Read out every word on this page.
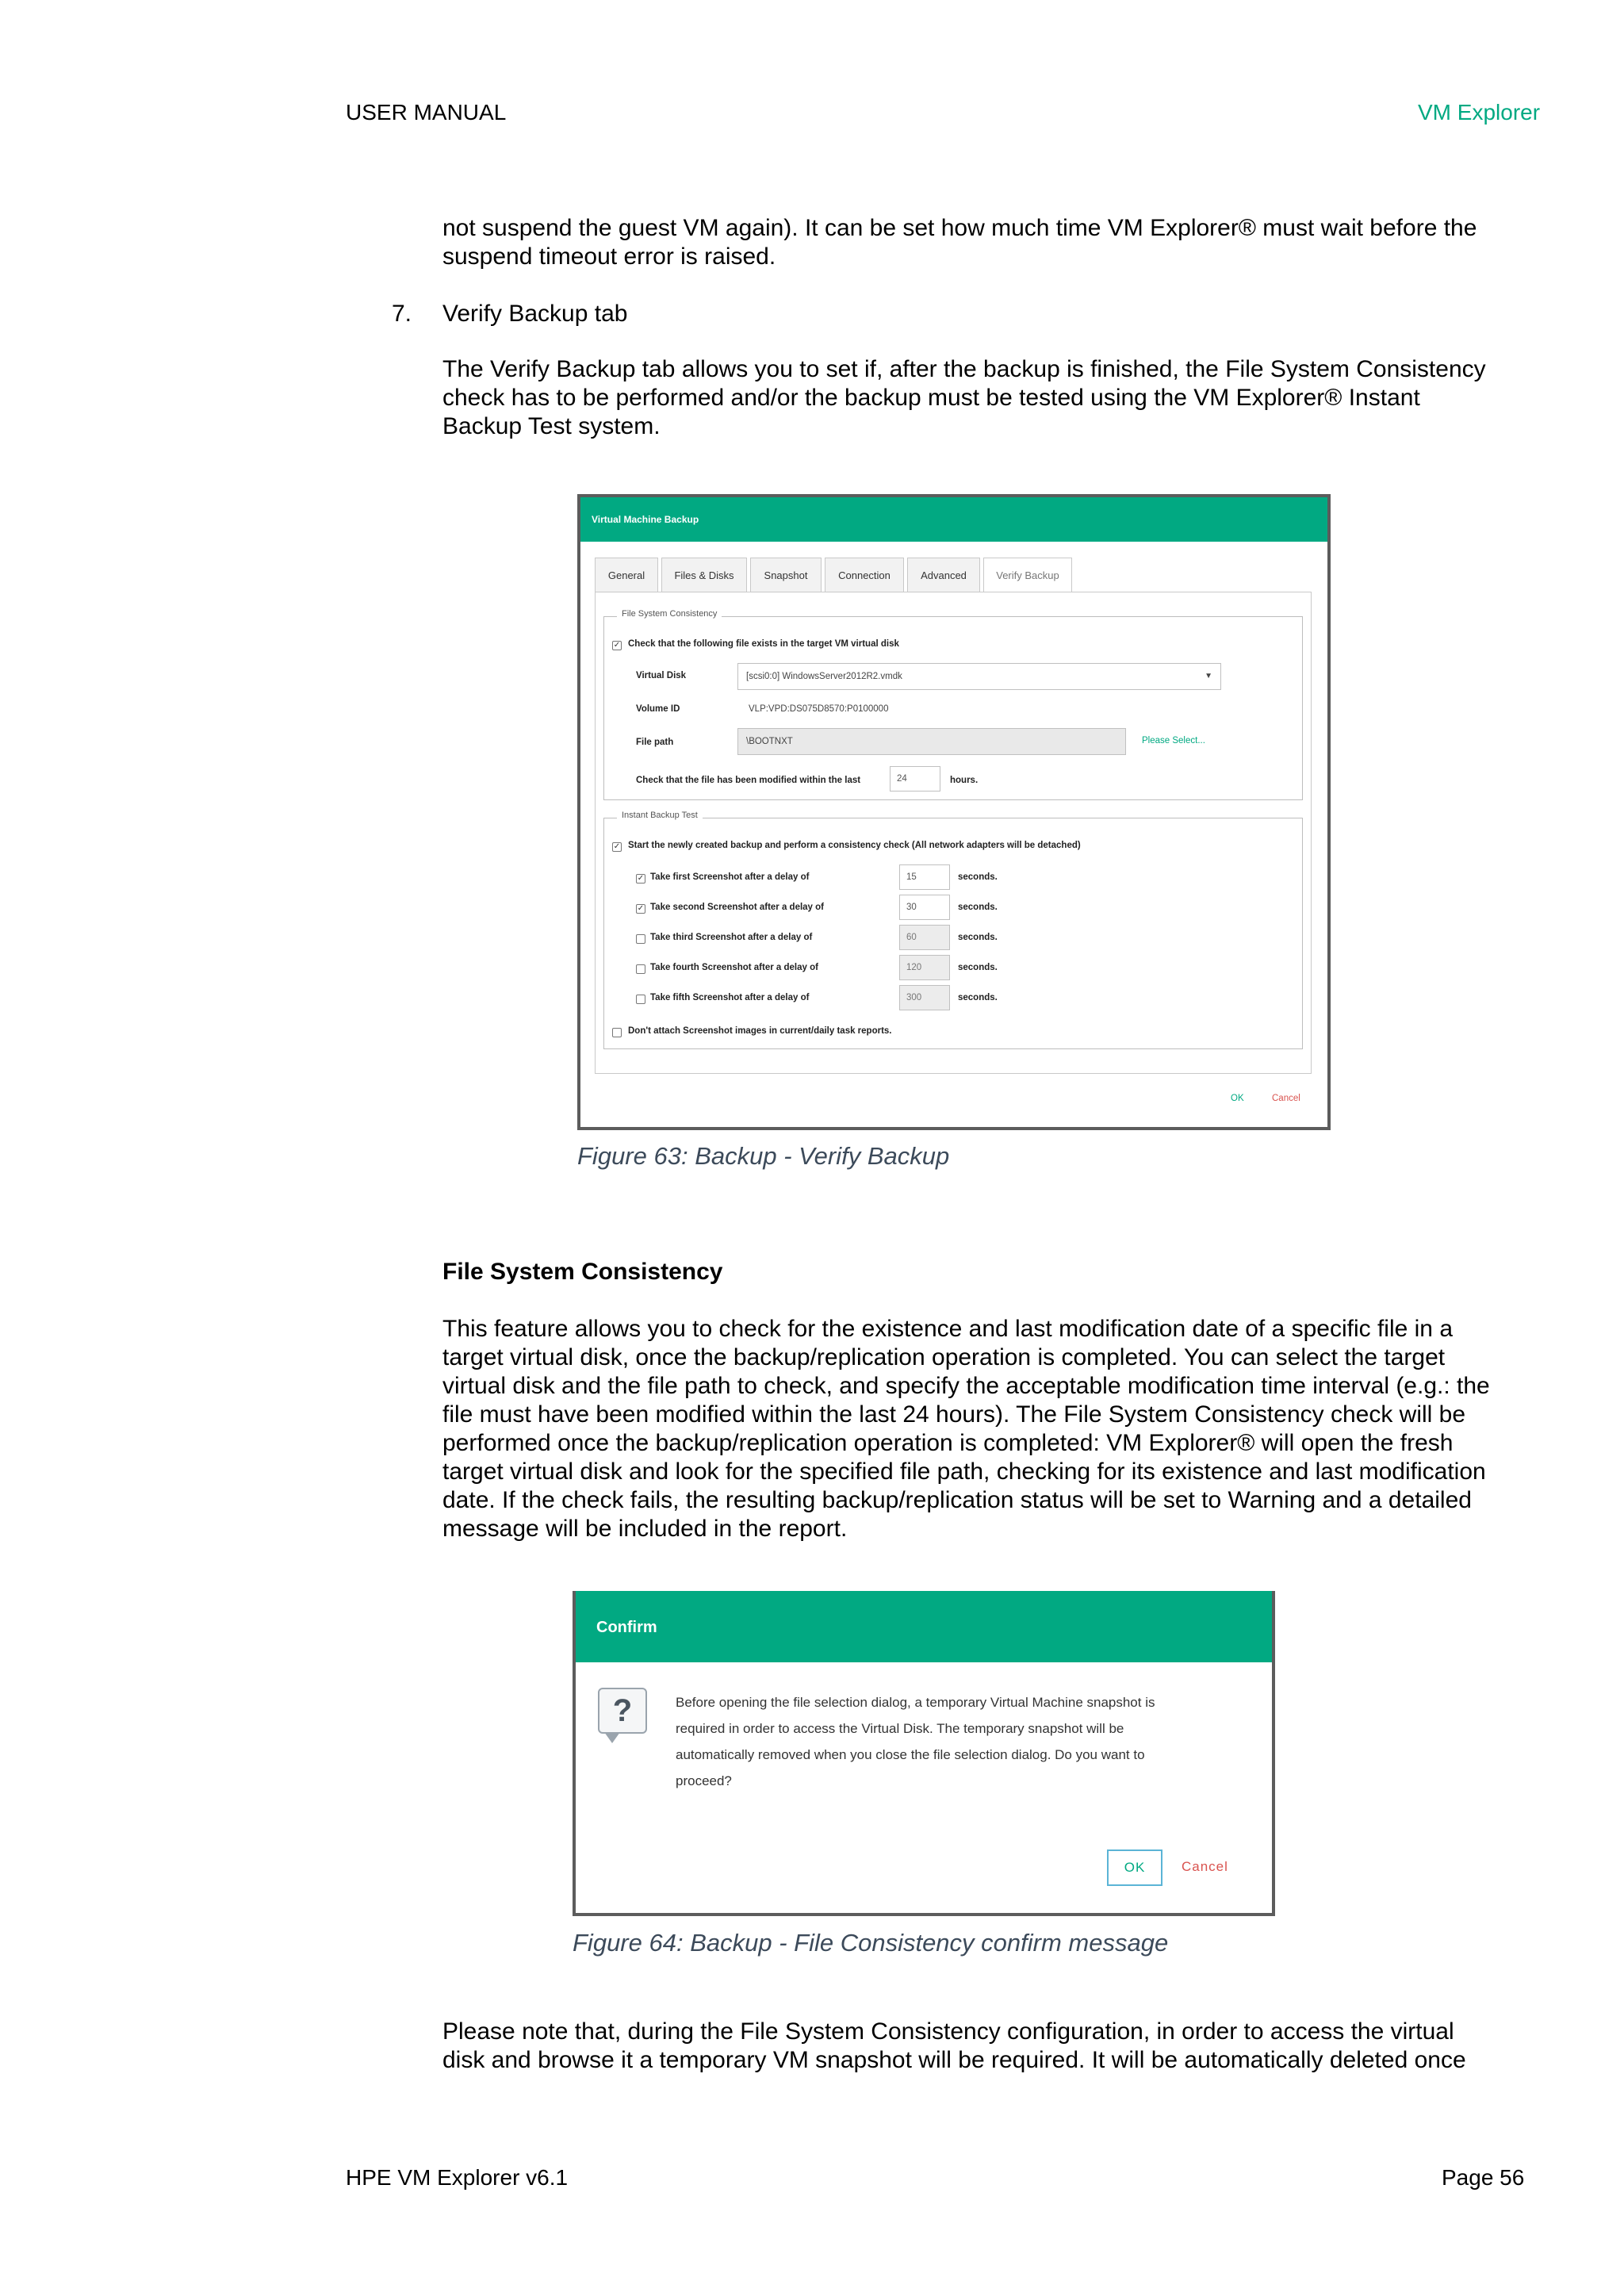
USER MANUAL	VM Explorer
not suspend the guest VM again). It can be set how much time VM Explorer® must wait before the
suspend timeout error is raised.
7. Verify Backup tab
The Verify Backup tab allows you to set if, after the backup is finished, the File System Consistency
check has to be performed and/or the backup must be tested using the VM Explorer® Instant
Backup Test system.
Virtual Machine Backup
General	Files & Disks	Snapshot	Connection	Advanced	Verify Backup
File System Consistency
✓ Check that the following file exists in the target VM virtual disk
Virtual Disk	[scsi0:0] WindowsServer2012R2.vmdk	▼
Volume ID	VLP:VPD:DS075D8570:P0100000
File path	\BOOTNXT	Please Select...
Check that the file has been modified within the last	24	hours.
Instant Backup Test
✓ Start the newly created backup and perform a consistency check (All network adapters will be detached)
✓ Take first Screenshot after a delay of	15	seconds.
✓ Take second Screenshot after a delay of	30	seconds.
Take third Screenshot after a delay of	60	seconds.
Take fourth Screenshot after a delay of	120	seconds.
Take fifth Screenshot after a delay of	300	seconds.
Don't attach Screenshot images in current/daily task reports.
OK	Cancel
Figure 63: Backup - Verify Backup
File System Consistency
This feature allows you to check for the existence and last modification date of a specific file in a
target virtual disk, once the backup/replication operation is completed. You can select the target
virtual disk and the file path to check, and specify the acceptable modification time interval (e.g.: the
file must have been modified within the last 24 hours). The File System Consistency check will be
performed once the backup/replication operation is completed: VM Explorer® will open the fresh
target virtual disk and look for the specified file path, checking for its existence and last modification
date. If the check fails, the resulting backup/replication status will be set to Warning and a detailed
message will be included in the report.
Confirm
?	Before opening the file selection dialog, a temporary Virtual Machine snapshot is
required in order to access the Virtual Disk. The temporary snapshot will be
automatically removed when you close the file selection dialog. Do you want to
proceed?
OK	Cancel
Figure 64: Backup - File Consistency confirm message
Please note that, during the File System Consistency configuration, in order to access the virtual
disk and browse it a temporary VM snapshot will be required. It will be automatically deleted once
HPE VM Explorer v6.1	Page 56
